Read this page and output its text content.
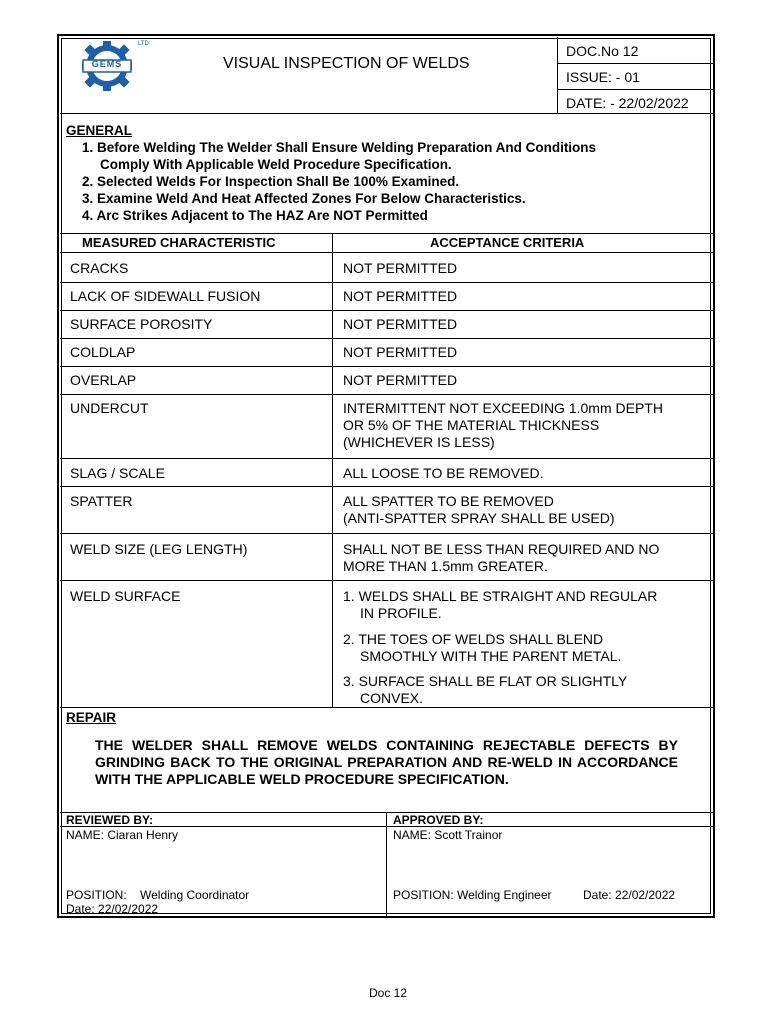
GEMS
LTD
VISUAL INSPECTION OF WELDS
DOC.No 12
ISSUE: - 01
DATE: - 22/02/2022
GENERAL
1. Before Welding The Welder Shall Ensure Welding Preparation And Conditions
Comply With Applicable Weld Procedure Specification.
2. Selected Welds For Inspection Shall Be 100% Examined.
3. Examine Weld And Heat Affected Zones For Below Characteristics.
4. Arc Strikes Adjacent to The HAZ Are NOT Permitted
MEASURED CHARACTERISTIC	ACCEPTANCE CRITERIA
CRACKS	NOT PERMITTED
LACK OF SIDEWALL FUSION	NOT PERMITTED
SURFACE POROSITY	NOT PERMITTED
COLDLAP	NOT PERMITTED
OVERLAP	NOT PERMITTED
UNDERCUT	INTERMITTENT NOT EXCEEDING 1.0mm DEPTH
OR 5% OF THE MATERIAL THICKNESS
(WHICHEVER IS LESS)
SLAG / SCALE	ALL LOOSE TO BE REMOVED.
SPATTER	ALL SPATTER TO BE REMOVED
(ANTI-SPATTER SPRAY SHALL BE USED)
WELD SIZE (LEG LENGTH)	SHALL NOT BE LESS THAN REQUIRED AND NO
MORE THAN 1.5mm GREATER.
WELD SURFACE	1. WELDS SHALL BE STRAIGHT AND REGULAR
IN PROFILE.
2. THE TOES OF WELDS SHALL BLEND
SMOOTHLY WITH THE PARENT METAL.
3. SURFACE SHALL BE FLAT OR SLIGHTLY
CONVEX.
REPAIR
THE WELDER SHALL REMOVE WELDS CONTAINING REJECTABLE DEFECTS BY GRINDING BACK TO THE ORIGINAL PREPARATION AND RE-WELD IN ACCORDANCE WITH THE APPLICABLE WELD PROCEDURE SPECIFICATION.
REVIEWED BY:	APPROVED BY:
NAME: Ciaran Henry	NAME: Scott Trainor
POSITION:    Welding Coordinator
Date: 22/02/2022
POSITION: Welding Engineer	Date: 22/02/2022
Doc 12
